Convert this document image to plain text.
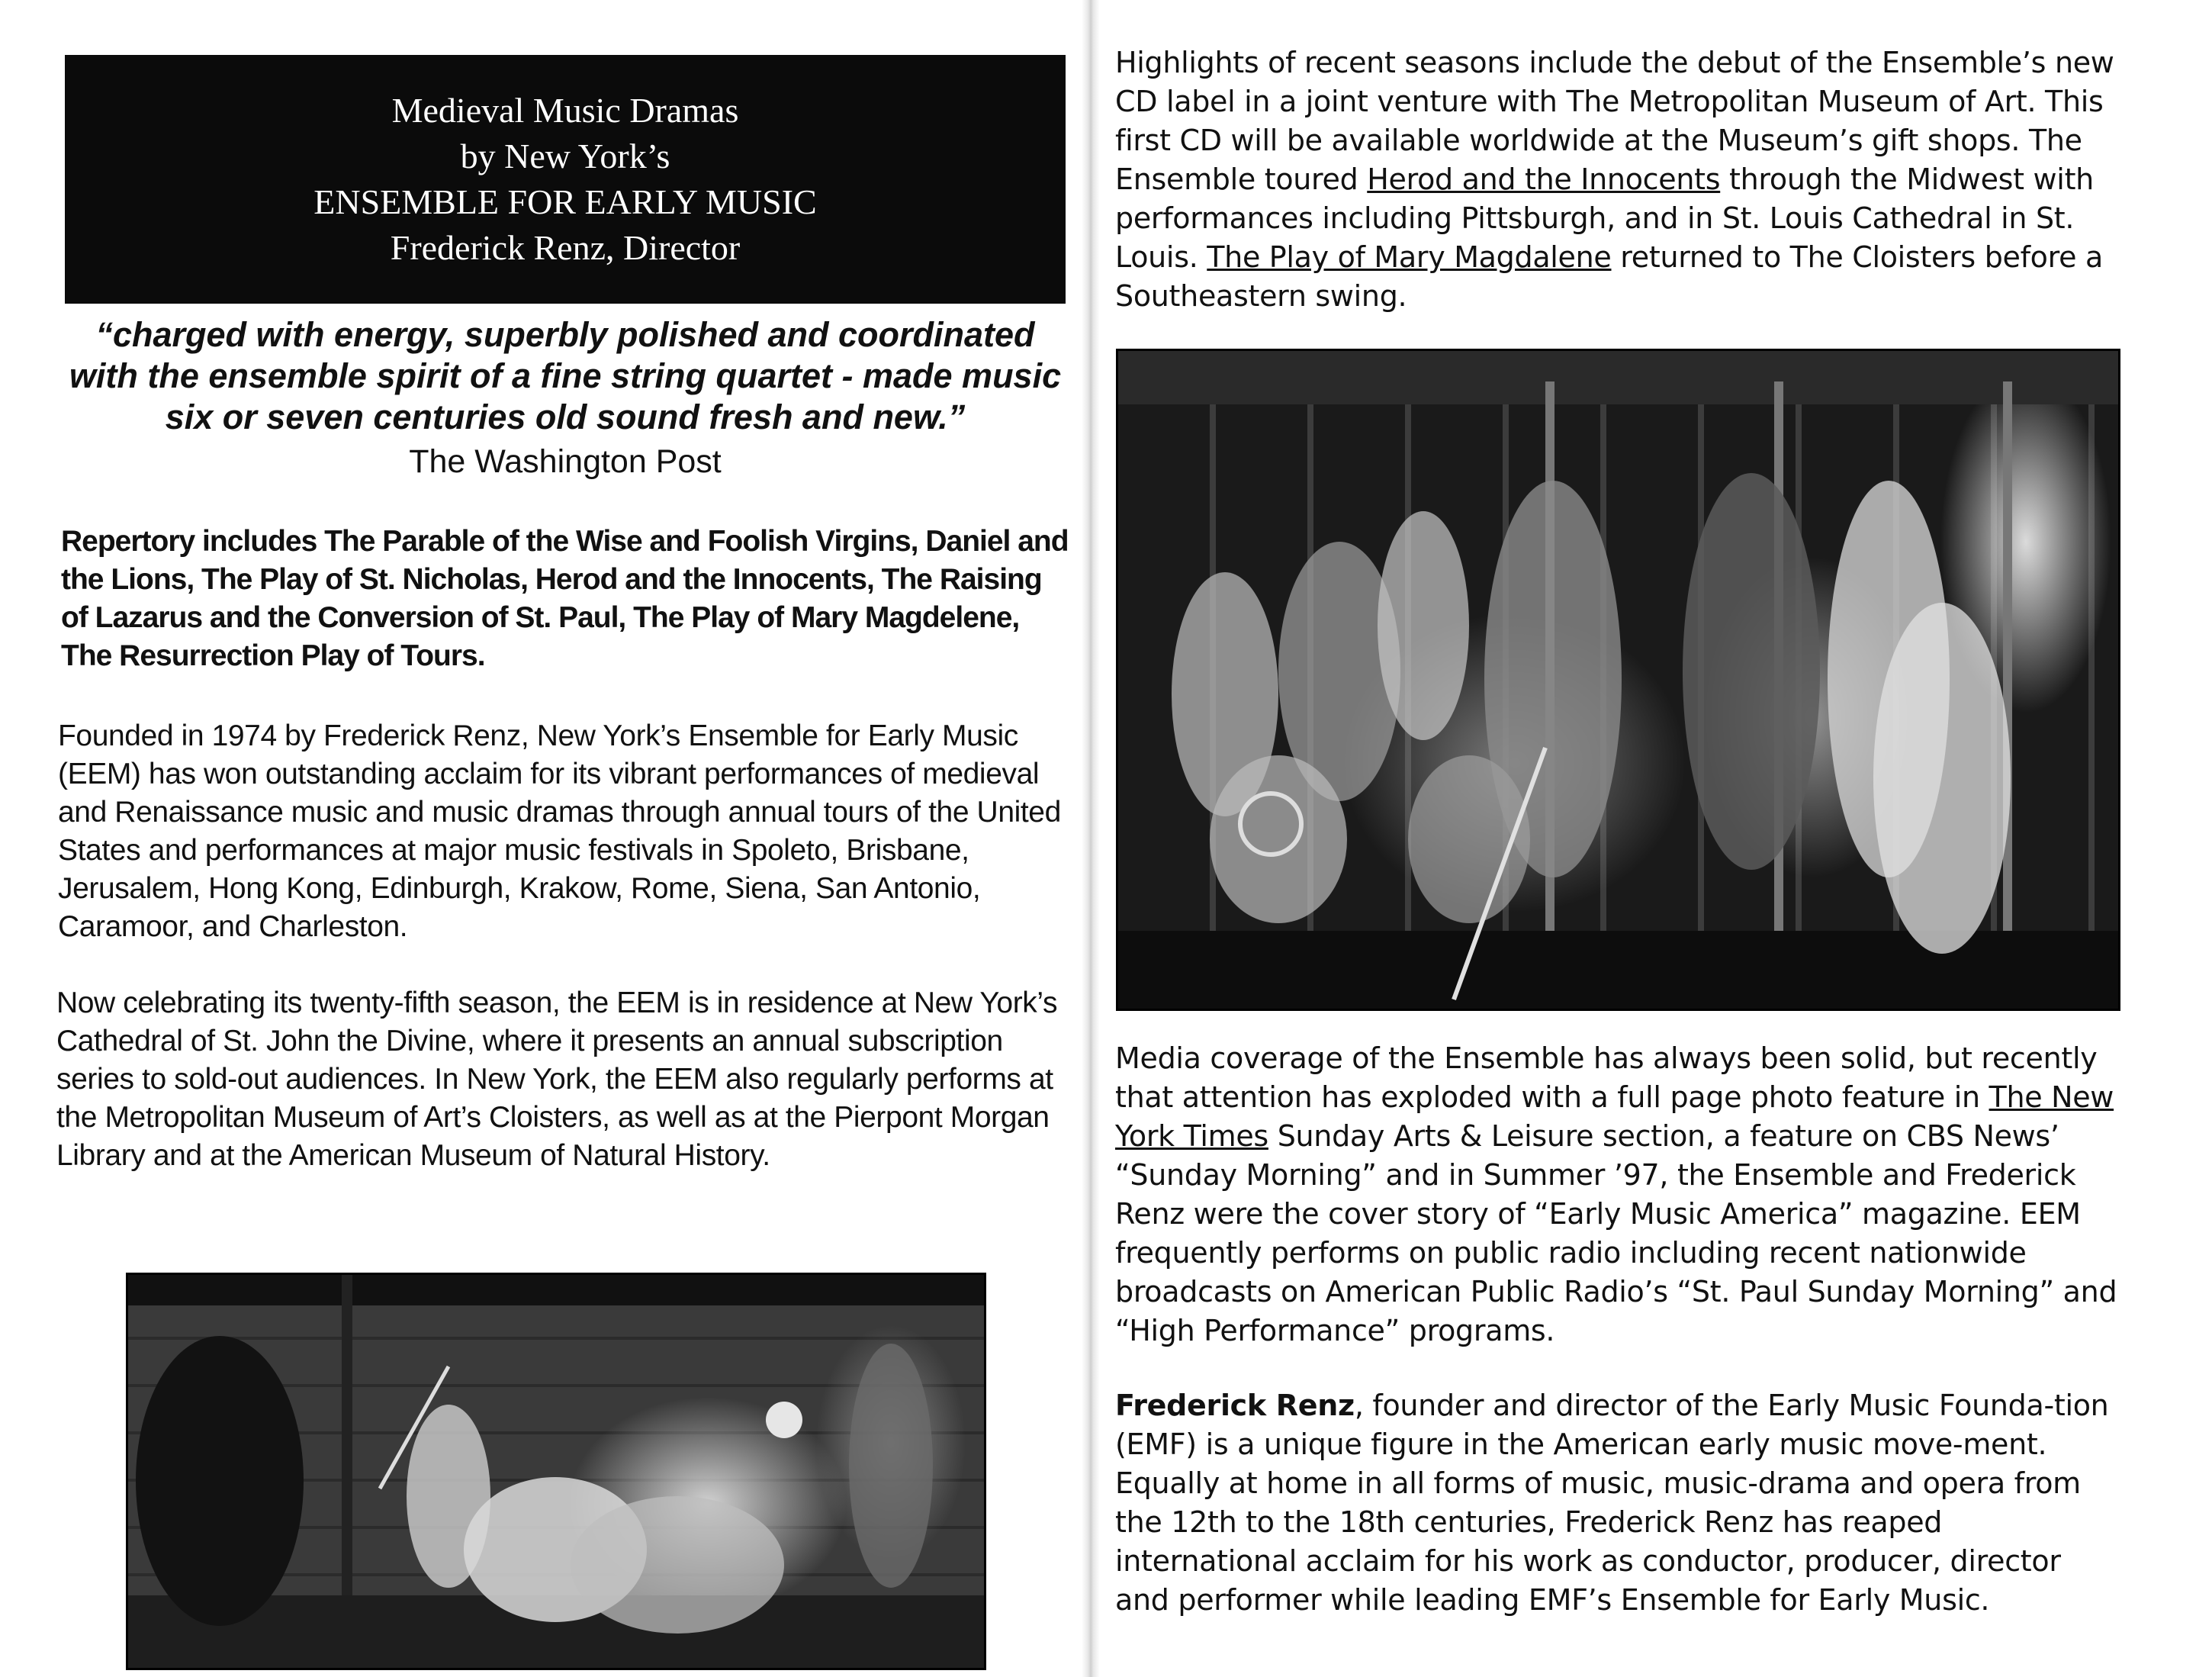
Medieval Music Dramas
by New York’s
ENSEMBLE FOR EARLY MUSIC
Frederick Renz, Director
“charged with energy, superbly polished and coordinated with the ensemble spirit of a fine string quartet - made music six or seven centuries old sound fresh and new.”
The Washington Post
Repertory includes The Parable of the Wise and Foolish Virgins, Daniel and the Lions, The Play of St. Nicholas, Herod and the Innocents, The Raising of Lazarus and the Conversion of St. Paul, The Play of Mary Magdelene, The Resurrection Play of Tours.
Founded in 1974 by Frederick Renz, New York’s Ensemble for Early Music (EEM) has won outstanding acclaim for its vibrant performances of medieval and Renaissance music and music dramas through annual tours of the United States and performances at major music festivals in Spoleto, Brisbane, Jerusalem, Hong Kong, Edinburgh, Krakow, Rome, Siena, San Antonio, Caramoor, and Charleston.
Now celebrating its twenty-fifth season, the EEM is in residence at New York’s Cathedral of St. John the Divine, where it presents an annual subscription series to sold-out audiences. In New York, the EEM also regularly performs at the Metropolitan Museum of Art’s Cloisters, as well as at the Pierpont Morgan Library and at the American Museum of Natural History.
Highlights of recent seasons include the debut of the Ensemble’s new CD label in a joint venture with The Metropolitan Museum of Art. This first CD will be available worldwide at the Museum’s gift shops. The Ensemble toured Herod and the Innocents through the Midwest with performances including Pittsburgh, and in St. Louis Cathedral in St. Louis. The Play of Mary Magdalene returned to The Cloisters before a Southeastern swing.
Media coverage of the Ensemble has always been solid, but recently that attention has exploded with a full page photo feature in The New York Times Sunday Arts & Leisure section, a feature on CBS News’ “Sunday Morning” and in Summer ’97, the Ensemble and Frederick Renz were the cover story of “Early Music America” magazine. EEM frequently performs on public radio including recent nationwide broadcasts on American Public Radio’s “St. Paul Sunday Morning” and “High Performance” programs.
Frederick Renz, founder and director of the Early Music Founda-tion (EMF) is a unique figure in the American early music move-ment. Equally at home in all forms of music, music-drama and opera from the 12th to the 18th centuries, Frederick Renz has reaped international acclaim for his work as conductor, producer, director and performer while leading EMF’s Ensemble for Early Music.
